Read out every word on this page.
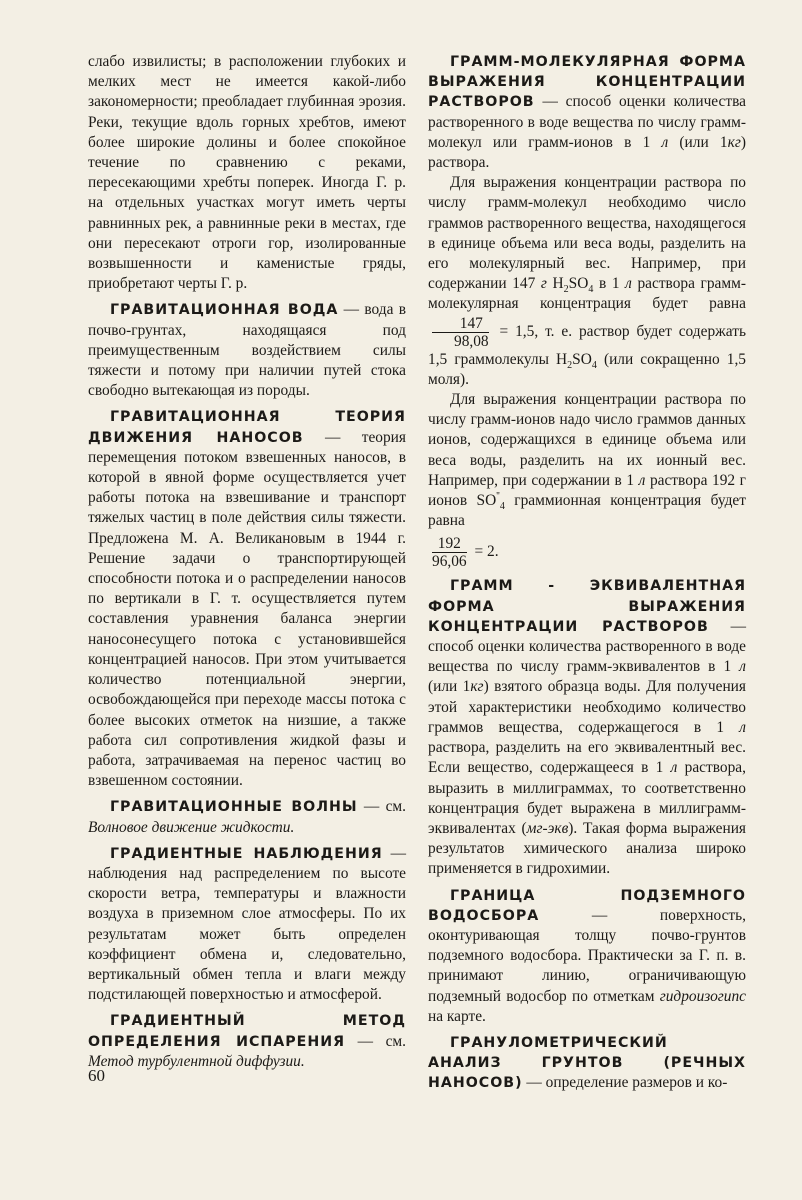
слабо извилисты; в расположении глубоких и мелких мест не имеется какой-либо закономерности; преобладает глубинная эрозия. Реки, текущие вдоль горных хребтов, имеют более широкие долины и более спокойное течение по сравнению с реками, пересекающими хребты поперек. Иногда Г. р. на отдельных участках могут иметь черты равнинных рек, а равнинные реки в местах, где они пересекают отроги гор, изолированные возвышенности и каменистые гряды, приобретают черты Г. р.

ГРАВИТАЦИОННАЯ ВОДА — вода в почво-грунтах, находящаяся под преимущественным воздействием силы тяжести и потому при наличии путей стока свободно вытекающая из породы.

ГРАВИТАЦИОННАЯ ТЕОРИЯ ДВИЖЕНИЯ НАНОСОВ — теория перемещения потоком взвешенных наносов, в которой в явной форме осуществляется учет работы потока на взвешивание и транспорт тяжелых частиц в поле действия силы тяжести. Предложена М. А. Великановым в 1944 г. Решение задачи о транспортирующей способности потока и о распределении наносов по вертикали в Г. т. осуществляется путем составления уравнения баланса энергии наносонесущего потока с установившейся концентрацией наносов. При этом учитывается количество потенциальной энергии, освобождающейся при переходе массы потока с более высоких отметок на низшие, а также работа сил сопротивления жидкой фазы и работа, затрачиваемая на перенос частиц во взвешенном состоянии.

ГРАВИТАЦИОННЫЕ ВОЛНЫ — см. Волновое движение жидкости.

ГРАДИЕНТНЫЕ НАБЛЮДЕНИЯ — наблюдения над распределением по высоте скорости ветра, температуры и влажности воздуха в приземном слое атмосферы. По их результатам может быть определен коэффициент обмена и, следовательно, вертикальный обмен тепла и влаги между подстилающей поверхностью и атмосферой.

ГРАДИЕНТНЫЙ МЕТОД ОПРЕДЕЛЕНИЯ ИСПАРЕНИЯ — см. Метод турбулентной диффузии.

ГРАММ-МОЛЕКУЛЯРНАЯ ФОРМА ВЫРАЖЕНИЯ КОНЦЕНТРАЦИИ РАСТВОРОВ — способ оценки количества растворенного в воде вещества по числу грамм-молекул или грамм-ионов в 1 л (или 1кг) раствора.

Для выражения концентрации раствора по числу грамм-молекул необходимо число граммов растворенного вещества, находящегося в единице объема или веса воды, разделить на его молекулярный вес. Например, при содержании 147 г $H_2SO_4$ в 1 л раствора грамм-молекулярная концентрация будет равна
$\frac{147}{98,08} = 1,5$, т. е. раствор будет содержать 1,5 граммолекулы $H_2SO_4$ (или сокращенно 1,5 моля).

Для выражения концентрации раствора по числу грамм-ионов надо число граммов данных ионов, содержащихся в единице объема или веса воды, разделить на их ионный вес. Например, при содержании в 1 л раствора 192 г ионов $SO''_4$ граммионная концентрация будет равна

$\frac{192}{96,06} = 2$.

ГРАММ - ЭКВИВАЛЕНТНАЯ ФОРМА ВЫРАЖЕНИЯ КОНЦЕНТРАЦИИ РАСТВОРОВ — способ оценки количества растворенного в воде вещества по числу грамм-эквивалентов в 1 л (или 1кг) взятого образца воды. Для получения этой характеристики необходимо количество граммов вещества, содержащегося в 1 л раствора, разделить на его эквивалентный вес. Если вещество, содержащееся в 1 л раствора, выразить в миллиграммах, то соответственно концентрация будет выражена в миллиграмм-эквивалентах (мг-экв). Такая форма выражения результатов химического анализа широко применяется в гидрохимии.

ГРАНИЦА ПОДЗЕМНОГО ВОДОСБОРА	—	поверхность, оконтуривающая толщу почво-грунтов подземного водосбора. Практически за Г. п. в. принимают линию, ограничивающую подземный водосбор по отметкам гидроизогипс на карте.

ГРАНУЛОМЕТРИЧЕСКИЙ АНАЛИЗ ГРУНТОВ (РЕЧНЫХ НАНОСОВ) — определение размеров и ко-

60
